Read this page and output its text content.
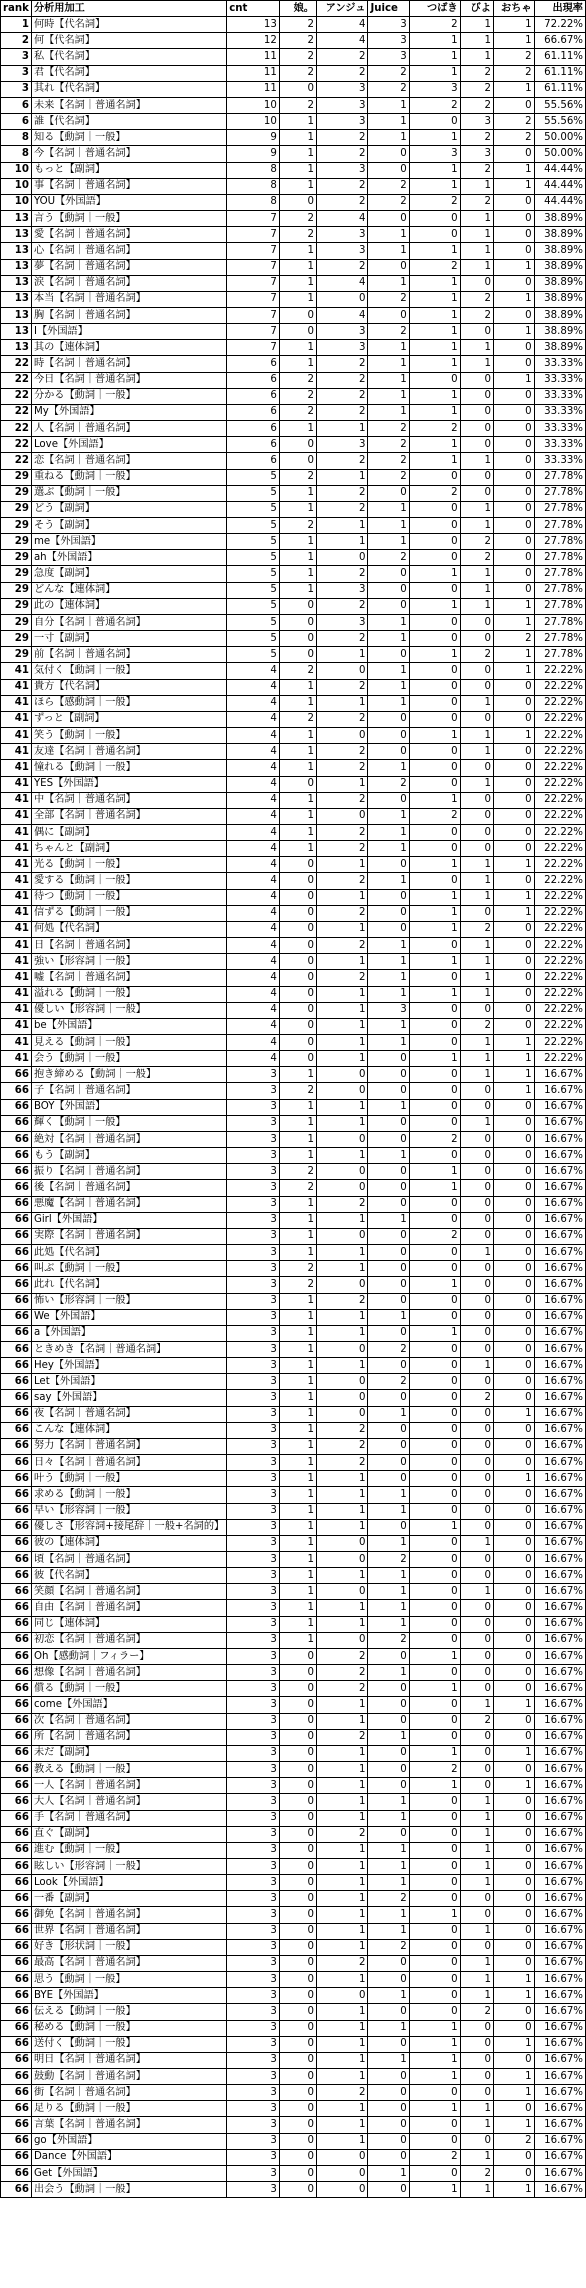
rank	分析用加工	cnt	娘。	アンジュ	Juice	つばき	びよ	おちゃ	出現率
1	何時【代名詞】	13	2	4	3	2	1	1	72.22%
2	何【代名詞】	12	2	4	3	1	1	1	66.67%
3	私【代名詞】	11	2	2	3	1	1	2	61.11%
3	君【代名詞】	11	2	2	2	1	2	2	61.11%
3	其れ【代名詞】	11	0	3	2	3	2	1	61.11%
6	未来【名詞｜普通名詞】	10	2	3	1	2	2	0	55.56%
6	誰【代名詞】	10	1	3	1	0	3	2	55.56%
8	知る【動詞｜一般】	9	1	2	1	1	2	2	50.00%
8	今【名詞｜普通名詞】	9	1	2	0	3	3	0	50.00%
10	もっと【副詞】	8	1	3	0	1	2	1	44.44%
10	事【名詞｜普通名詞】	8	1	2	2	1	1	1	44.44%
10	YOU【外国語】	8	0	2	2	2	2	0	44.44%
13	言う【動詞｜一般】	7	2	4	0	0	1	0	38.89%
13	愛【名詞｜普通名詞】	7	2	3	1	0	1	0	38.89%
13	心【名詞｜普通名詞】	7	1	3	1	1	1	0	38.89%
13	夢【名詞｜普通名詞】	7	1	2	0	2	1	1	38.89%
13	涙【名詞｜普通名詞】	7	1	4	1	1	0	0	38.89%
13	本当【名詞｜普通名詞】	7	1	0	2	1	2	1	38.89%
13	胸【名詞｜普通名詞】	7	0	4	0	1	2	0	38.89%
13	I【外国語】	7	0	3	2	1	0	1	38.89%
13	其の【連体詞】	7	1	3	1	1	1	0	38.89%
22	時【名詞｜普通名詞】	6	1	2	1	1	1	0	33.33%
22	今日【名詞｜普通名詞】	6	2	2	1	0	0	1	33.33%
22	分かる【動詞｜一般】	6	2	2	1	1	0	0	33.33%
22	My【外国語】	6	2	2	1	1	0	0	33.33%
22	人【名詞｜普通名詞】	6	1	1	2	2	0	0	33.33%
22	Love【外国語】	6	0	3	2	1	0	0	33.33%
22	恋【名詞｜普通名詞】	6	0	2	2	1	1	0	33.33%
29	重ねる【動詞｜一般】	5	2	1	2	0	0	0	27.78%
29	選ぶ【動詞｜一般】	5	1	2	0	2	0	0	27.78%
29	どう【副詞】	5	1	2	1	0	1	0	27.78%
29	そう【副詞】	5	2	1	1	0	1	0	27.78%
29	me【外国語】	5	1	1	1	0	2	0	27.78%
29	ah【外国語】	5	1	0	2	0	2	0	27.78%
29	急度【副詞】	5	1	2	0	1	1	0	27.78%
29	どんな【連体詞】	5	1	3	0	0	1	0	27.78%
29	此の【連体詞】	5	0	2	0	1	1	1	27.78%
29	自分【名詞｜普通名詞】	5	0	3	1	0	0	1	27.78%
29	一寸【副詞】	5	0	2	1	0	0	2	27.78%
29	前【名詞｜普通名詞】	5	0	1	0	1	2	1	27.78%
41	気付く【動詞｜一般】	4	2	0	1	0	0	1	22.22%
41	貴方【代名詞】	4	1	2	1	0	0	0	22.22%
41	ほら【感動詞｜一般】	4	1	1	1	0	1	0	22.22%
41	ずっと【副詞】	4	2	2	0	0	0	0	22.22%
41	笑う【動詞｜一般】	4	1	0	0	1	1	1	22.22%
41	友達【名詞｜普通名詞】	4	1	2	0	0	1	0	22.22%
41	憧れる【動詞｜一般】	4	1	2	1	0	0	0	22.22%
41	YES【外国語】	4	0	1	2	0	1	0	22.22%
41	中【名詞｜普通名詞】	4	1	2	0	1	0	0	22.22%
41	全部【名詞｜普通名詞】	4	1	0	1	2	0	0	22.22%
41	偶に【副詞】	4	1	2	1	0	0	0	22.22%
41	ちゃんと【副詞】	4	1	2	1	0	0	0	22.22%
41	光る【動詞｜一般】	4	0	1	0	1	1	1	22.22%
41	愛する【動詞｜一般】	4	0	2	1	0	1	0	22.22%
41	待つ【動詞｜一般】	4	0	1	0	1	1	1	22.22%
41	信ずる【動詞｜一般】	4	0	2	0	1	0	1	22.22%
41	何処【代名詞】	4	0	1	0	1	2	0	22.22%
41	日【名詞｜普通名詞】	4	0	2	1	0	1	0	22.22%
41	強い【形容詞｜一般】	4	0	1	1	1	1	0	22.22%
41	嘘【名詞｜普通名詞】	4	0	2	1	0	1	0	22.22%
41	溢れる【動詞｜一般】	4	0	1	1	1	1	0	22.22%
41	優しい【形容詞｜一般】	4	0	1	3	0	0	0	22.22%
41	be【外国語】	4	0	1	1	0	2	0	22.22%
41	見える【動詞｜一般】	4	0	1	1	0	1	1	22.22%
41	会う【動詞｜一般】	4	0	1	0	1	1	1	22.22%
66	抱き締める【動詞｜一般】	3	1	0	0	0	1	1	16.67%
66	子【名詞｜普通名詞】	3	2	0	0	0	0	1	16.67%
66	BOY【外国語】	3	1	1	1	0	0	0	16.67%
66	輝く【動詞｜一般】	3	1	1	0	0	1	0	16.67%
66	絶対【名詞｜普通名詞】	3	1	0	0	2	0	0	16.67%
66	もう【副詞】	3	1	1	1	0	0	0	16.67%
66	振り【名詞｜普通名詞】	3	2	0	0	1	0	0	16.67%
66	後【名詞｜普通名詞】	3	2	0	0	1	0	0	16.67%
66	悪魔【名詞｜普通名詞】	3	1	2	0	0	0	0	16.67%
66	Girl【外国語】	3	1	1	1	0	0	0	16.67%
66	実際【名詞｜普通名詞】	3	1	0	0	2	0	0	16.67%
66	此処【代名詞】	3	1	1	0	0	1	0	16.67%
66	叫ぶ【動詞｜一般】	3	2	1	0	0	0	0	16.67%
66	此れ【代名詞】	3	2	0	0	1	0	0	16.67%
66	怖い【形容詞｜一般】	3	1	2	0	0	0	0	16.67%
66	We【外国語】	3	1	1	1	0	0	0	16.67%
66	a【外国語】	3	1	1	0	1	0	0	16.67%
66	ときめき【名詞｜普通名詞】	3	1	0	2	0	0	0	16.67%
66	Hey【外国語】	3	1	1	0	0	1	0	16.67%
66	Let【外国語】	3	1	0	2	0	0	0	16.67%
66	say【外国語】	3	1	0	0	0	2	0	16.67%
66	夜【名詞｜普通名詞】	3	1	0	1	0	0	1	16.67%
66	こんな【連体詞】	3	1	2	0	0	0	0	16.67%
66	努力【名詞｜普通名詞】	3	1	2	0	0	0	0	16.67%
66	日々【名詞｜普通名詞】	3	1	2	0	0	0	0	16.67%
66	叶う【動詞｜一般】	3	1	1	0	0	0	1	16.67%
66	求める【動詞｜一般】	3	1	1	1	0	0	0	16.67%
66	早い【形容詞｜一般】	3	1	1	1	0	0	0	16.67%
66	優しさ【形容詞+接尾辞｜一般+名詞的】	3	1	1	0	1	0	0	16.67%
66	彼の【連体詞】	3	1	0	1	0	1	0	16.67%
66	頃【名詞｜普通名詞】	3	1	0	2	0	0	0	16.67%
66	彼【代名詞】	3	1	1	1	0	0	0	16.67%
66	笑顔【名詞｜普通名詞】	3	1	0	1	0	1	0	16.67%
66	自由【名詞｜普通名詞】	3	1	1	1	0	0	0	16.67%
66	同じ【連体詞】	3	1	1	1	0	0	0	16.67%
66	初恋【名詞｜普通名詞】	3	1	0	2	0	0	0	16.67%
66	Oh【感動詞｜フィラー】	3	0	2	0	1	0	0	16.67%
66	想像【名詞｜普通名詞】	3	0	2	1	0	0	0	16.67%
66	償る【動詞｜一般】	3	0	2	0	1	0	0	16.67%
66	come【外国語】	3	0	1	0	0	1	1	16.67%
66	次【名詞｜普通名詞】	3	0	1	0	0	2	0	16.67%
66	所【名詞｜普通名詞】	3	0	2	1	0	0	0	16.67%
66	未だ【副詞】	3	0	1	0	1	0	1	16.67%
66	教える【動詞｜一般】	3	0	1	0	2	0	0	16.67%
66	一人【名詞｜普通名詞】	3	0	1	0	1	0	1	16.67%
66	大人【名詞｜普通名詞】	3	0	1	1	0	1	0	16.67%
66	手【名詞｜普通名詞】	3	0	1	1	0	1	0	16.67%
66	直ぐ【副詞】	3	0	2	0	0	1	0	16.67%
66	進む【動詞｜一般】	3	0	1	1	0	1	0	16.67%
66	眩しい【形容詞｜一般】	3	0	1	1	0	1	0	16.67%
66	Look【外国語】	3	0	1	1	0	1	0	16.67%
66	一番【副詞】	3	0	1	2	0	0	0	16.67%
66	御免【名詞｜普通名詞】	3	0	1	1	1	0	0	16.67%
66	世界【名詞｜普通名詞】	3	0	1	1	0	1	0	16.67%
66	好き【形状詞｜一般】	3	0	1	2	0	0	0	16.67%
66	最高【名詞｜普通名詞】	3	0	2	0	0	1	0	16.67%
66	思う【動詞｜一般】	3	0	1	0	0	1	1	16.67%
66	BYE【外国語】	3	0	0	1	0	1	1	16.67%
66	伝える【動詞｜一般】	3	0	1	0	0	2	0	16.67%
66	秘める【動詞｜一般】	3	0	1	1	1	0	0	16.67%
66	送付く【動詞｜一般】	3	0	1	0	1	0	1	16.67%
66	明日【名詞｜普通名詞】	3	0	1	1	1	0	0	16.67%
66	鼓動【名詞｜普通名詞】	3	0	1	0	1	0	1	16.67%
66	街【名詞｜普通名詞】	3	0	2	0	0	0	1	16.67%
66	足りる【動詞｜一般】	3	0	1	0	1	1	0	16.67%
66	言葉【名詞｜普通名詞】	3	0	1	0	0	1	1	16.67%
66	go【外国語】	3	0	1	0	0	0	2	16.67%
66	Dance【外国語】	3	0	0	0	2	1	0	16.67%
66	Get【外国語】	3	0	0	1	0	2	0	16.67%
66	出会う【動詞｜一般】	3	0	0	0	1	1	1	16.67%
